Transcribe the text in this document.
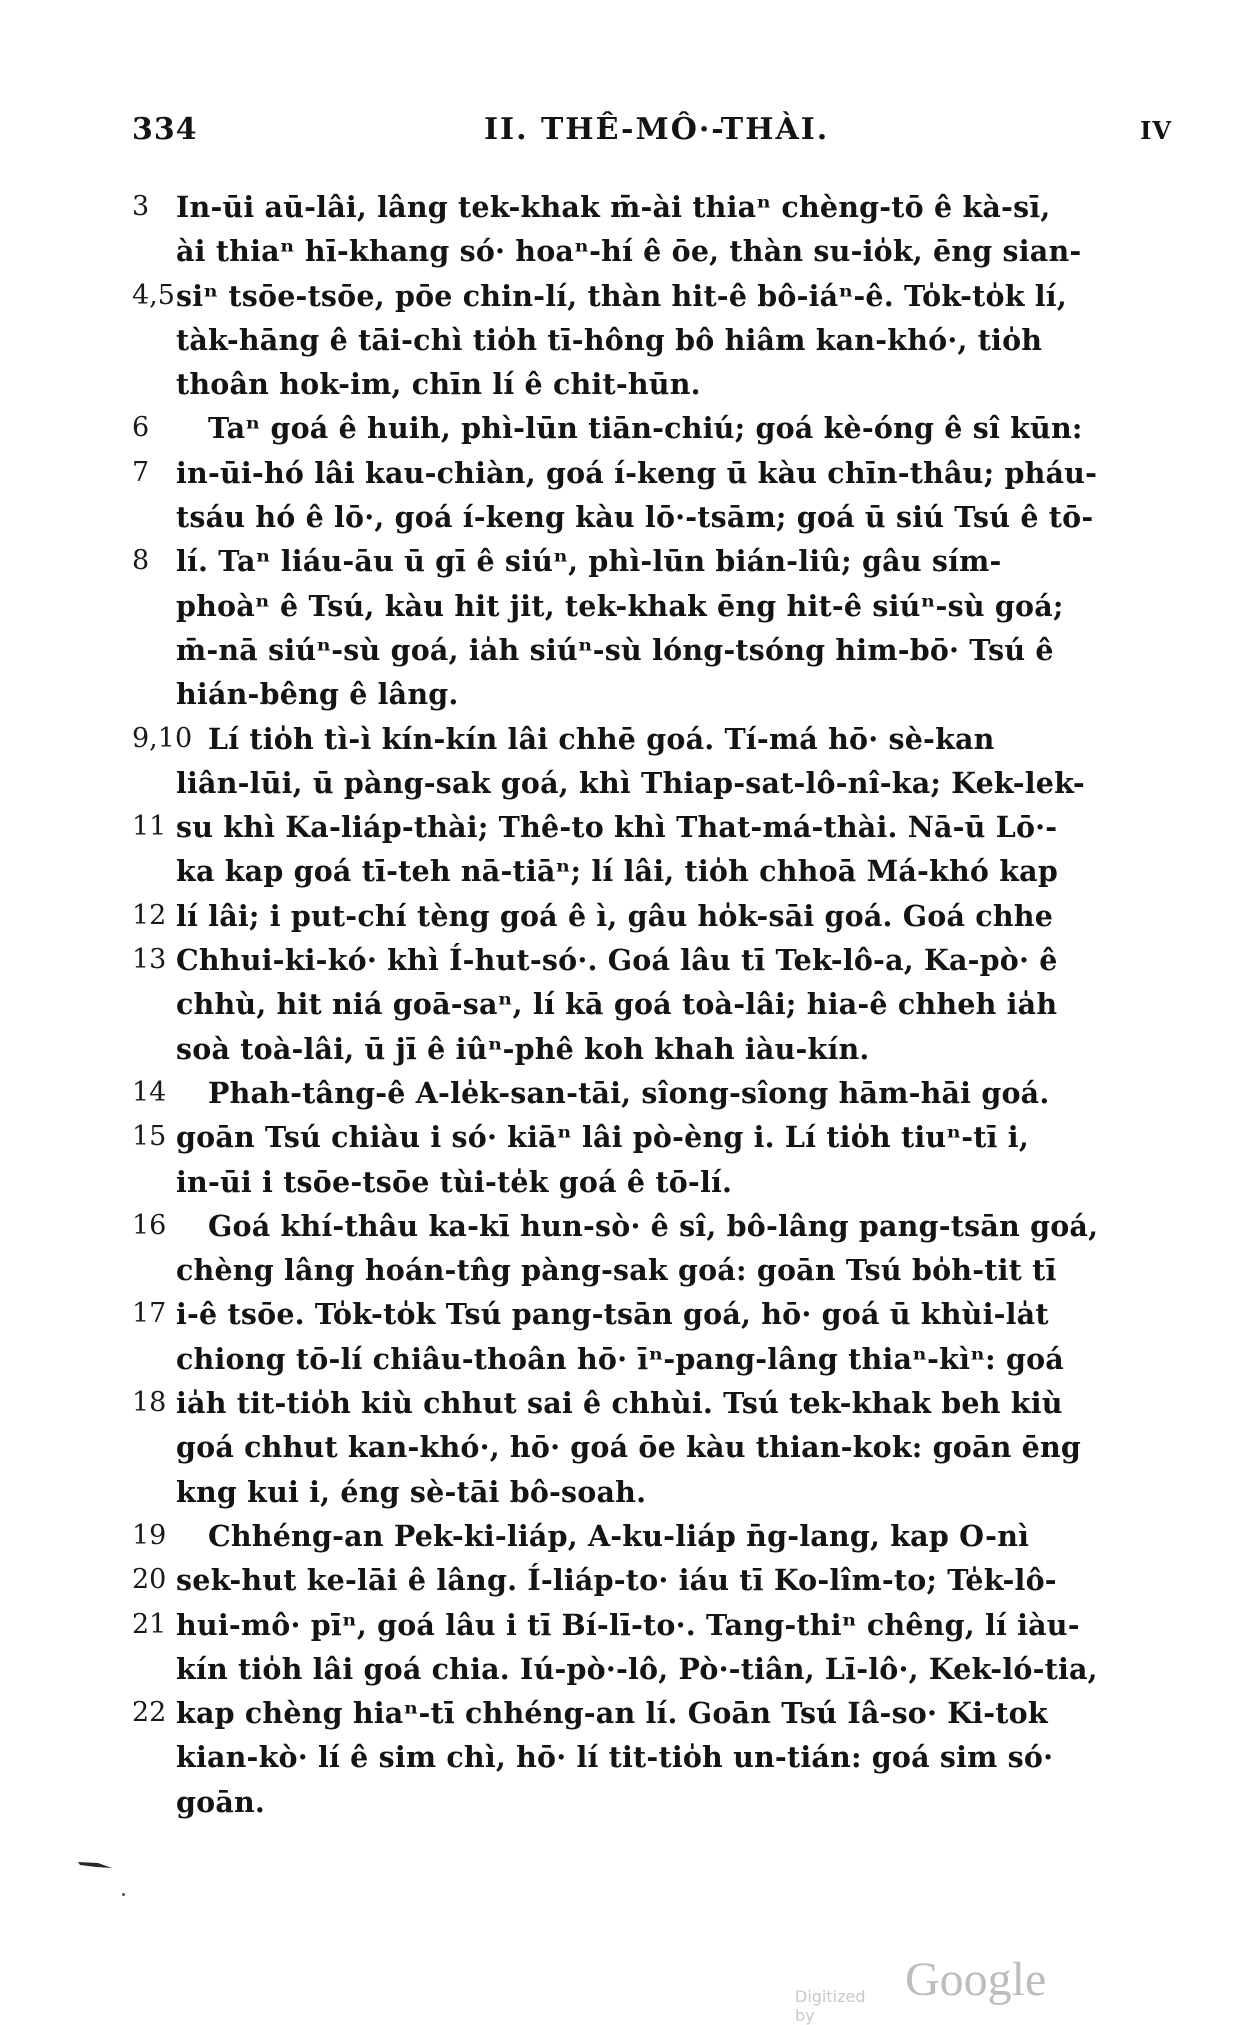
334	II. THÊ-MÔ·-THÀI.	IV
3 In-ūi aū-lâi, lâng tek-khak m̄-ài thiaⁿ chèng-tō ê kà-sī,
ài thiaⁿ hī-khang só· hoaⁿ-hí ê ōe, thàn su-io̍k, ēng sian-
4,5 siⁿ tsōe-tsōe, pōe chin-lí, thàn hit-ê bô-iáⁿ-ê. To̍k-to̍k lí,
tàk-hāng ê tāi-chì tio̍h tī-hông bô hiâm kan-khó·, tio̍h
thoân hok-im, chīn lí ê chit-hūn.
6	Taⁿ goá ê huih, phì-lūn tiān-chiú; goá kè-óng ê sî kūn:
7 in-ūi-hó lâi kau-chiàn, goá í-keng ū kàu chīn-thâu; pháu-
tsáu hó ê lō·, goá í-keng kàu lō·-tsām; goá ū siú Tsú ê tō-
8 lí. Taⁿ liáu-āu ū gī ê siúⁿ, phì-lūn bián-liû; gâu sím-
phoàⁿ ê Tsú, kàu hit jit, tek-khak ēng hit-ê siúⁿ-sù goá;
m̄-nā siúⁿ-sù goá, ia̍h siúⁿ-sù lóng-tsóng him-bō· Tsú ê
hián-bêng ê lâng.
9,10 Lí tio̍h tì-ì kín-kín lâi chhē goá. Tí-má hō· sè-kan
liân-lūi, ū pàng-sak goá, khì Thiap-sat-lô-nî-ka; Kek-lek-
11 su khì Ka-liáp-thài; Thê-to khì That-má-thài. Nā-ū Lō·-
ka kap goá tī-teh nā-tiāⁿ; lí lâi, tio̍h chhoā Má-khó kap
12 lí lâi; i put-chí tèng goá ê ì, gâu ho̍k-sāi goá. Goá chhe
13 Chhui-ki-kó· khì Í-hut-só·. Goá lâu tī Tek-lô-a, Ka-pò· ê
chhù, hit niá goā-saⁿ, lí kā goá toà-lâi; hia-ê chheh ia̍h
soà toà-lâi, ū jī ê iûⁿ-phê koh khah iàu-kín.
14	Phah-tâng-ê A-le̍k-san-tāi, sîong-sîong hām-hāi goá.
15 goān Tsú chiàu i só· kiāⁿ lâi pò-èng i. Lí tio̍h tiuⁿ-tī i,
in-ūi i tsōe-tsōe tùi-te̍k goá ê tō-lí.
16	Goá khí-thâu ka-kī hun-sò· ê sî, bô-lâng pang-tsān goá,
chèng lâng hoán-tn̂g pàng-sak goá: goān Tsú bo̍h-tit tī
17 i-ê tsōe. To̍k-to̍k Tsú pang-tsān goá, hō· goá ū khùi-la̍t
chiong tō-lí chiâu-thoân hō· īⁿ-pang-lâng thiaⁿ-kìⁿ: goá
18 ia̍h tit-tio̍h kiù chhut sai ê chhùi. Tsú tek-khak beh kiù
goá chhut kan-khó·, hō· goá ōe kàu thian-kok: goān ēng
kng kui i, éng sè-tāi bô-soah.
19	Chhéng-an Pek-ki-liáp, A-ku-liáp n̄g-lang, kap O-nì
20 sek-hut ke-lāi ê lâng. Í-liáp-to· iáu tī Ko-lîm-to; Te̍k-lô-
21 hui-mô· pīⁿ, goá lâu i tī Bí-lī-to·. Tang-thiⁿ chêng, lí iàu-
kín tio̍h lâi goá chia. Iú-pò·-lô, Pò·-tiân, Lī-lô·, Kek-ló-tia,
22 kap chèng hiaⁿ-tī chhéng-an lí. Goān Tsú Iâ-so· Ki-tok
kian-kò· lí ê sim chì, hō· lí tit-tio̍h un-tián: goá sim só·
goān.
Digitized by
Google
